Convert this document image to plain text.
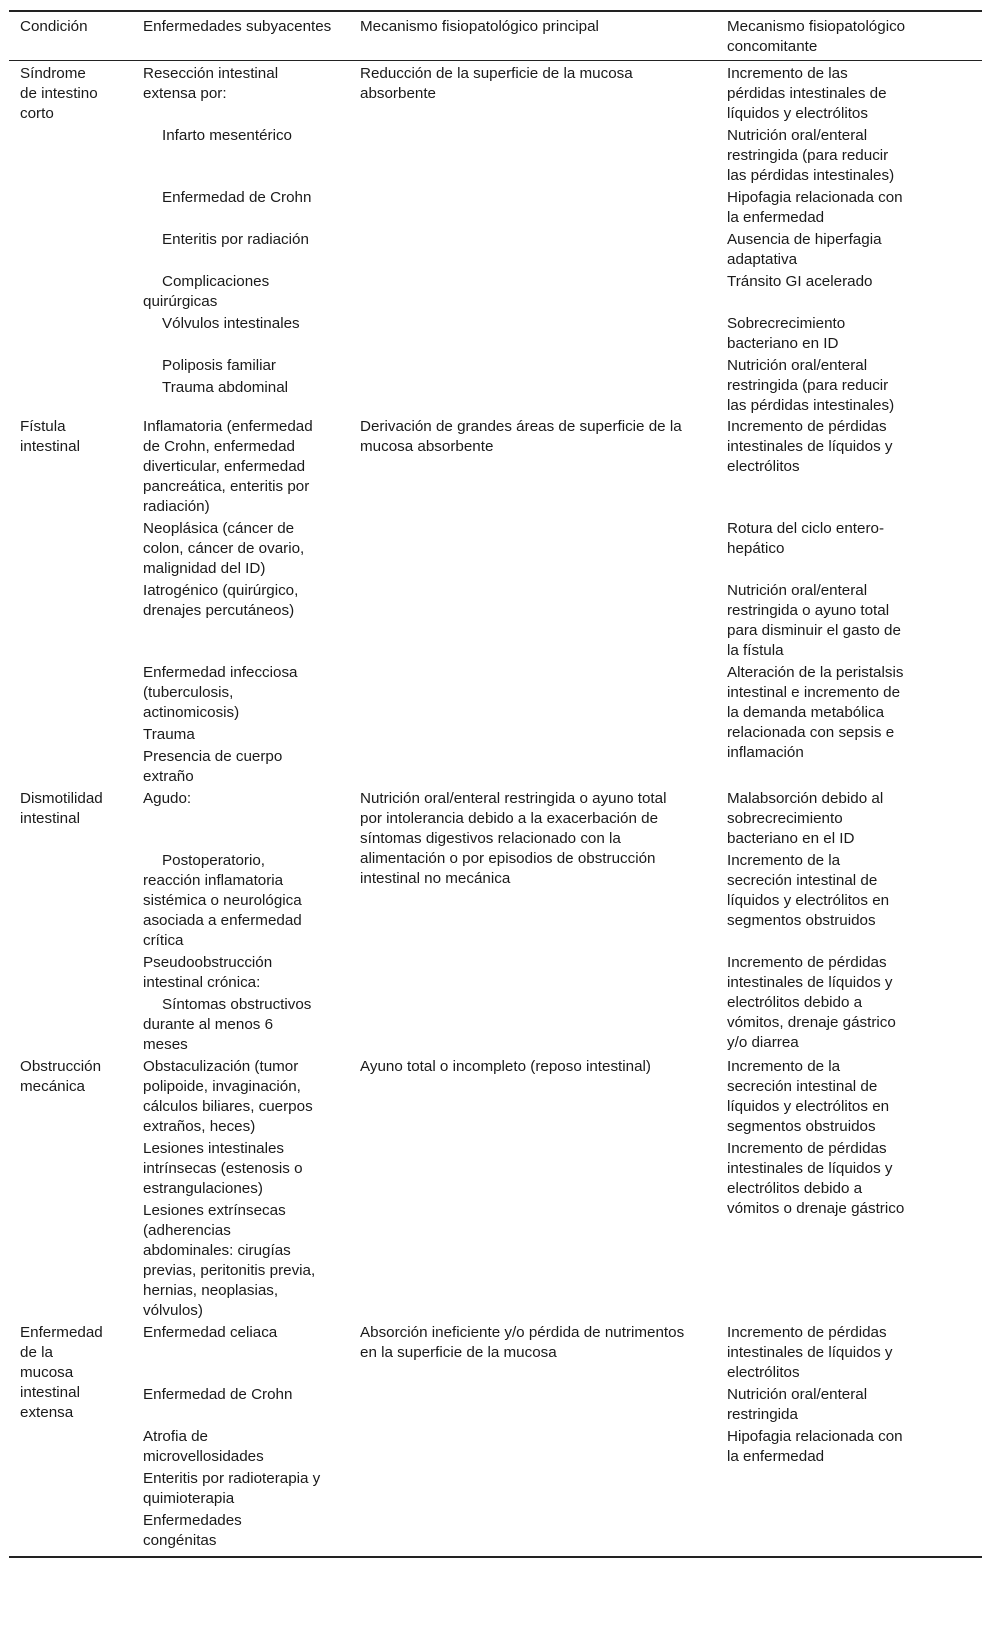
Condición	Enfermedades subyacentes Mecanismo fisiopatológico principal	Mecanismo fisiopatológico
concomitante
Síndrome
de intestino
corto
Reducción de la superficie de la mucosa
absorbente
Resección intestinal
extensa por:
Infarto mesentérico
Enfermedad de Crohn
Enteritis por radiación
Complicaciones
quirúrgicas
Vólvulos intestinales
Poliposis familiar
Trauma abdominal
Incremento de las
pérdidas intestinales de
líquidos y electrólitos
Nutrición oral/enteral
restringida (para reducir
las pérdidas intestinales)
Hipofagia relacionada con
la enfermedad
Ausencia de hiperfagia
adaptativa
Tránsito GI acelerado
Sobrecrecimiento
bacteriano en ID
Nutrición oral/enteral
restringida (para reducir
las pérdidas intestinales)
Fístula
intestinal
Derivación de grandes áreas de superficie de la
mucosa absorbente
Inflamatoria (enfermedad
de Crohn, enfermedad
diverticular, enfermedad
pancreática, enteritis por
radiación)
Neoplásica (cáncer de
colon, cáncer de ovario,
malignidad del ID)
Iatrogénico (quirúrgico,
drenajes percutáneos)
Enfermedad infecciosa
(tuberculosis,
actinomicosis)
Trauma
Presencia de cuerpo
extraño
Incremento de pérdidas
intestinales de líquidos y
electrólitos
Rotura del ciclo entero-
hepático
Nutrición oral/enteral
restringida o ayuno total
para disminuir el gasto de
la fístula
Alteración de la peristalsis
intestinal e incremento de
la demanda metabólica
relacionada con sepsis e
inflamación
Dismotilidad
intestinal
Nutrición oral/enteral restringida o ayuno total
por intolerancia debido a la exacerbación de
síntomas digestivos relacionado con la
alimentación o por episodios de obstrucción
intestinal no mecánica
Agudo:
Postoperatorio,
reacción inflamatoria
sistémica o neurológica
asociada a enfermedad
crítica
Pseudoobstrucción
intestinal crónica:
Síntomas obstructivos
durante al menos 6
meses
Malabsorción debido al
sobrecrecimiento
bacteriano en el ID
Incremento de la
secreción intestinal de
líquidos y electrólitos en
segmentos obstruidos
Incremento de pérdidas
intestinales de líquidos y
electrólitos debido a
vómitos, drenaje gástrico
y/o diarrea
Obstrucción
mecánica
Ayuno total o incompleto (reposo intestinal)
Obstaculización (tumor
polipoide, invaginación,
cálculos biliares, cuerpos
extraños, heces)
Lesiones intestinales
intrínsecas (estenosis o
estrangulaciones)
Lesiones extrínsecas
(adherencias
abdominales: cirugías
previas, peritonitis previa,
hernias, neoplasias,
vólvulos)
Incremento de la
secreción intestinal de
líquidos y electrólitos en
segmentos obstruidos
Incremento de pérdidas
intestinales de líquidos y
electrólitos debido a
vómitos o drenaje gástrico
Enfermedad
de la
mucosa
intestinal
extensa
Absorción ineficiente y/o pérdida de nutrimentos
en la superficie de la mucosa
Enfermedad celiaca
Enfermedad de Crohn
Atrofia de
microvellosidades
Enteritis por radioterapia y
quimioterapia
Enfermedades
congénitas
Incremento de pérdidas
intestinales de líquidos y
electrólitos
Nutrición oral/enteral
restringida
Hipofagia relacionada con
la enfermedad
